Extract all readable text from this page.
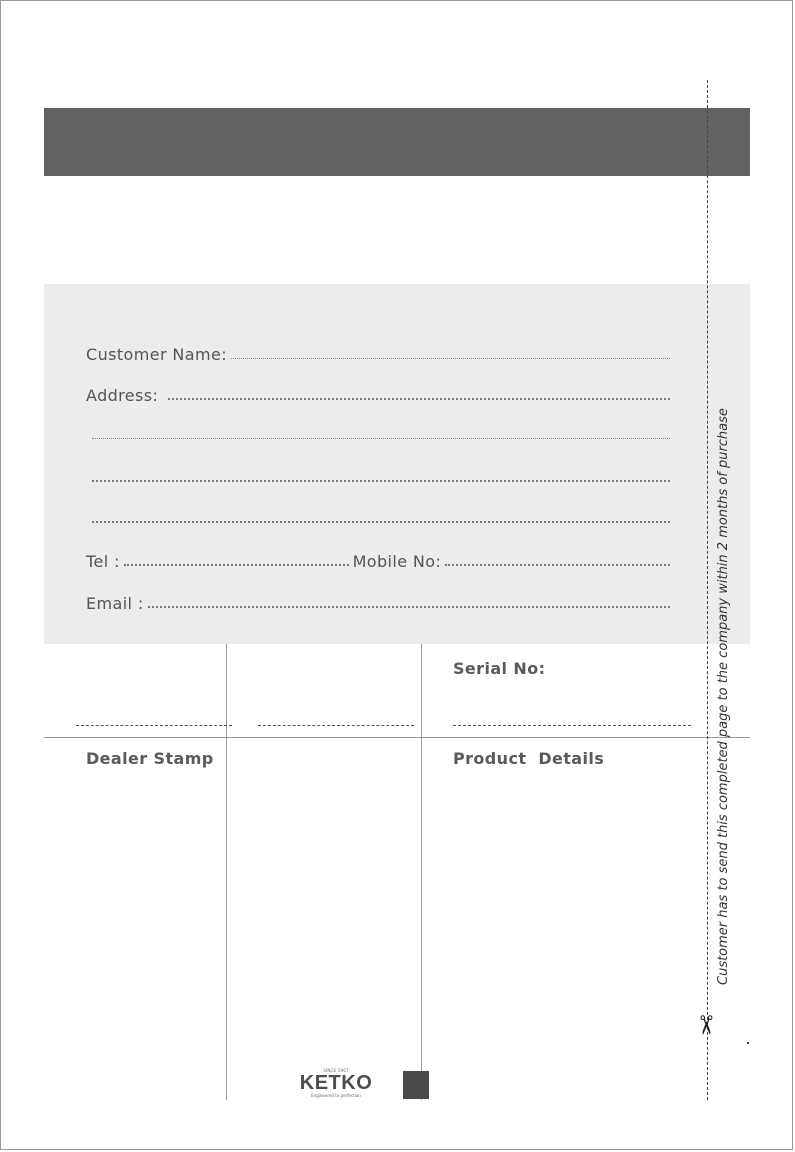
Customer Name:
Address:
Tel :	Mobile No:
Email :
Serial No:
Dealer Stamp	Product  Details	Customer has to send this completed page to the company within 2 months of purchase
✂
SINCE 1967
KETKO
Engineered to perfection
